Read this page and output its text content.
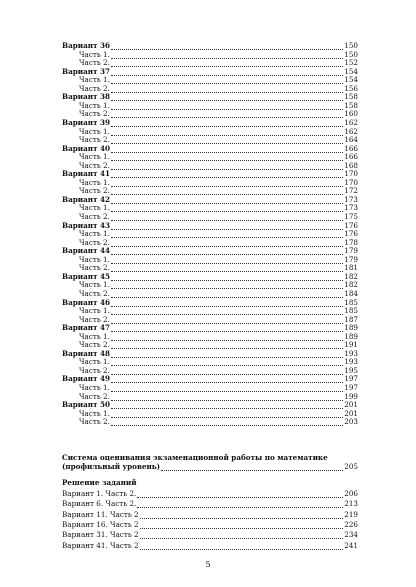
Вариант 36	150
Часть 1.	150
Часть 2.	152
Вариант 37	154
Часть 1.	154
Часть 2.	156
Вариант 38	158
Часть 1.	158
Часть 2.	160
Вариант 39	162
Часть 1.	162
Часть 2.	164
Вариант 40	166
Часть 1.	166
Часть 2.	168
Вариант 41	170
Часть 1.	170
Часть 2.	172
Вариант 42	173
Часть 1.	173
Часть 2.	175
Вариант 43	176
Часть 1.	176
Часть 2.	178
Вариант 44	179
Часть 1.	179
Часть 2.	181
Вариант 45	182
Часть 1.	182
Часть 2.	184
Вариант 46	185
Часть 1.	185
Часть 2.	187
Вариант 47	189
Часть 1.	189
Часть 2.	191
Вариант 48	193
Часть 1.	193
Часть 2.	195
Вариант 49	197
Часть 1.	197
Часть 2.	199
Вариант 50	201
Часть 1.	201
Часть 2.	203
Система оценивания экзаменационной работы по математике
(профильный уровень)	205
Решение заданий
Вариант 1. Часть 2.	206
Вариант 6. Часть 2.	213
Вариант 11. Часть 2	219
Вариант 16. Часть 2	226
Вариант 31. Часть 2	234
Вариант 41. Часть 2	241
5
